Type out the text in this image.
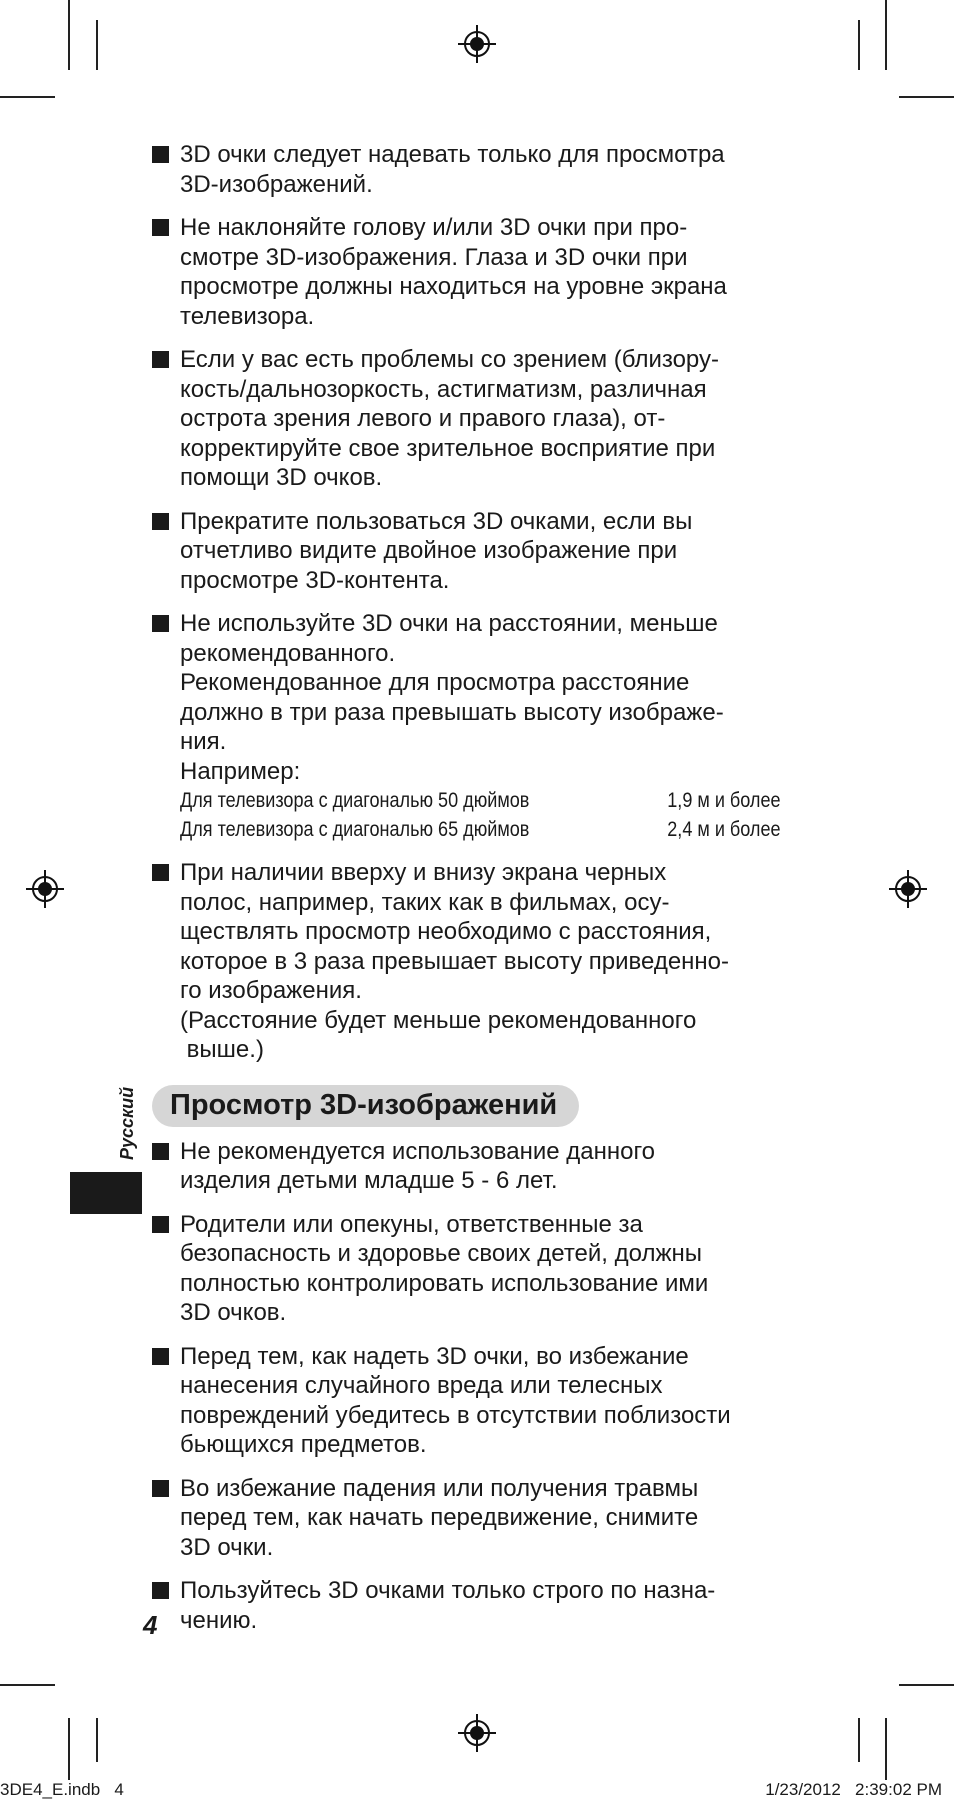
Русский
3D очки следует надевать только для просмотра
3D-изображений.
Не наклоняйте голову и/или 3D очки при про-
смотре 3D-изображения. Глаза и 3D очки при
просмотре должны находиться на уровне экрана
телевизора.
Если у вас есть проблемы со зрением (близору-
кость/дальнозоркость, астигматизм, различная
острота зрения левого и правого глаза), от-
корректируйте свое зрительное восприятие при
помощи 3D очков.
Прекратите пользоваться 3D очками, если вы
отчетливо видите двойное изображение при
просмотре 3D-контента.
Не используйте 3D очки на расстоянии, меньше
рекомендованного.
Рекомендованное для просмотра расстояние
должно в три раза превышать высоту изображе-
ния.
Например:
Для телевизора с диагональю 50 дюймов	1,9 м и более
Для телевизора с диагональю 65 дюймов	2,4 м и более
При наличии вверху и внизу экрана черных
полос, например, таких как в фильмах, осу-
ществлять просмотр необходимо с расстояния,
которое в 3 раза превышает высоту приведенно-
го изображения.
(Расстояние будет меньше рекомендованного
выше.)
Просмотр 3D-изображений
Не рекомендуется использование данного
изделия детьми младше 5 - 6 лет.
Родители или опекуны, ответственные за
безопасность и здоровье своих детей, должны
полностью контролировать использование ими
3D очков.
Перед тем, как надеть 3D очки, во избежание
нанесения случайного вреда или телесных
повреждений убедитесь в отсутствии поблизости
бьющихся предметов.
Во избежание падения или получения травмы
перед тем, как начать передвижение, снимите
3D очки.
Пользуйтесь 3D очками только строго по назна-
чению.
4
3DE4_E.indb   4	1/23/2012   2:39:02 PM
